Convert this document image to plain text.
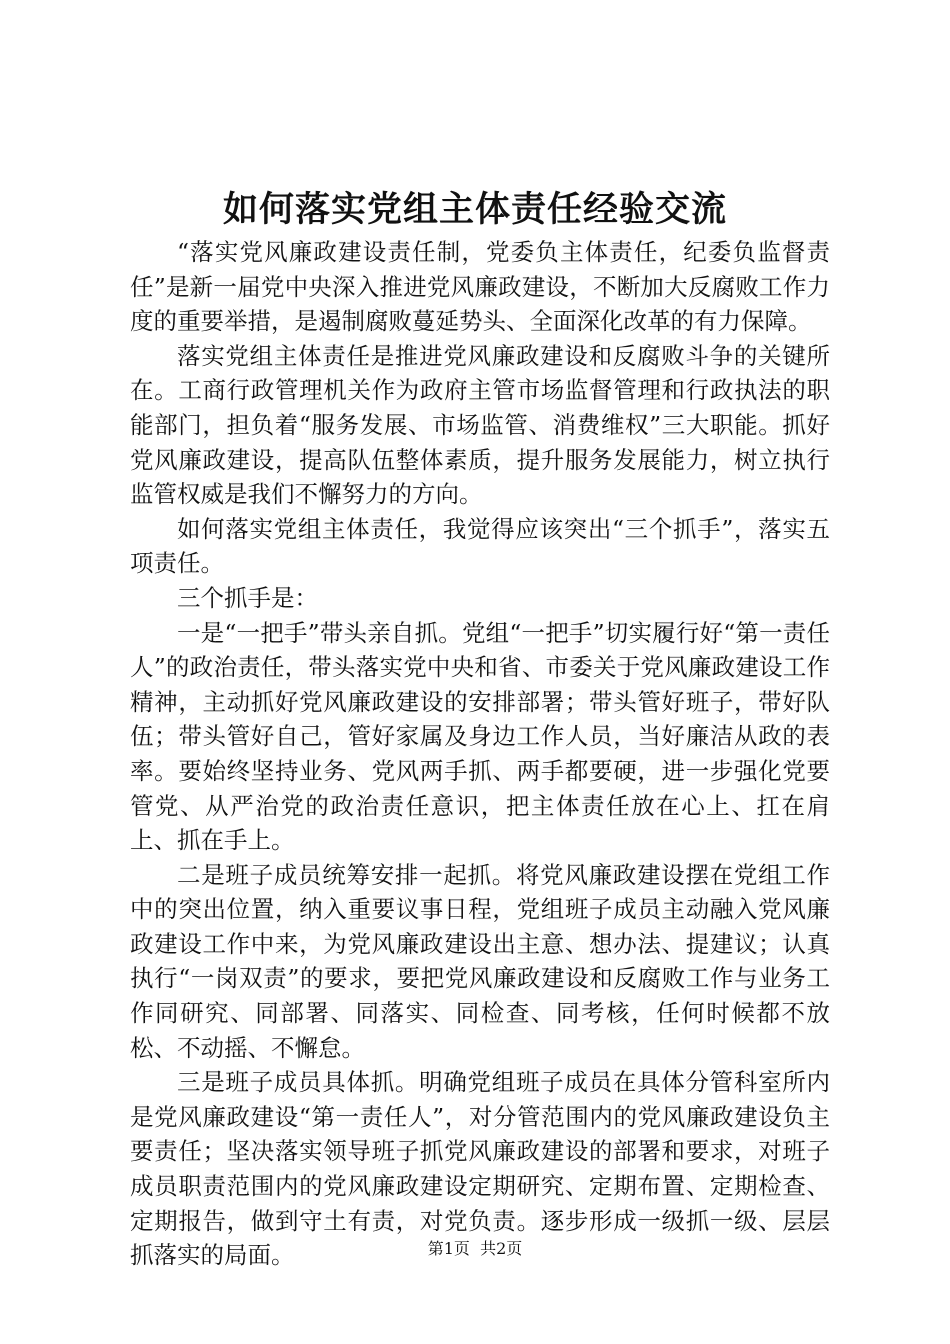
如何落实党组主体责任经验交流

“落实党风廉政建设责任制，党委负主体责任，纪委负监督责任”是新一届党中央深入推进党风廉政建设，不断加大反腐败工作力度的重要举措，是遏制腐败蔓延势头、全面深化改革的有力保障。

落实党组主体责任是推进党风廉政建设和反腐败斗争的关键所在。工商行政管理机关作为政府主管市场监督管理和行政执法的职能部门，担负着“服务发展、市场监管、消费维权”三大职能。抓好党风廉政建设，提高队伍整体素质，提升服务发展能力，树立执行监管权威是我们不懈努力的方向。

如何落实党组主体责任，我觉得应该突出“三个抓手”，落实五项责任。

三个抓手是：

一是“一把手”带头亲自抓。党组“一把手”切实履行好“第一责任人”的政治责任，带头落实党中央和省、市委关于党风廉政建设工作精神，主动抓好党风廉政建设的安排部署；带头管好班子，带好队伍；带头管好自己，管好家属及身边工作人员，当好廉洁从政的表率。要始终坚持业务、党风两手抓、两手都要硬，进一步强化党要管党、从严治党的政治责任意识，把主体责任放在心上、扛在肩上、抓在手上。

二是班子成员统筹安排一起抓。将党风廉政建设摆在党组工作中的突出位置，纳入重要议事日程，党组班子成员主动融入党风廉政建设工作中来，为党风廉政建设出主意、想办法、提建议；认真执行“一岗双责”的要求，要把党风廉政建设和反腐败工作与业务工作同研究、同部署、同落实、同检查、同考核，任何时候都不放松、不动摇、不懈怠。

三是班子成员具体抓。明确党组班子成员在具体分管科室所内是党风廉政建设“第一责任人”，对分管范围内的党风廉政建设负主要责任；坚决落实领导班子抓党风廉政建设的部署和要求，对班子成员职责范围内的党风廉政建设定期研究、定期布置、定期检查、定期报告，做到守土有责，对党负责。逐步形成一级抓一级、层层抓落实的局面。	第1页  共2页
